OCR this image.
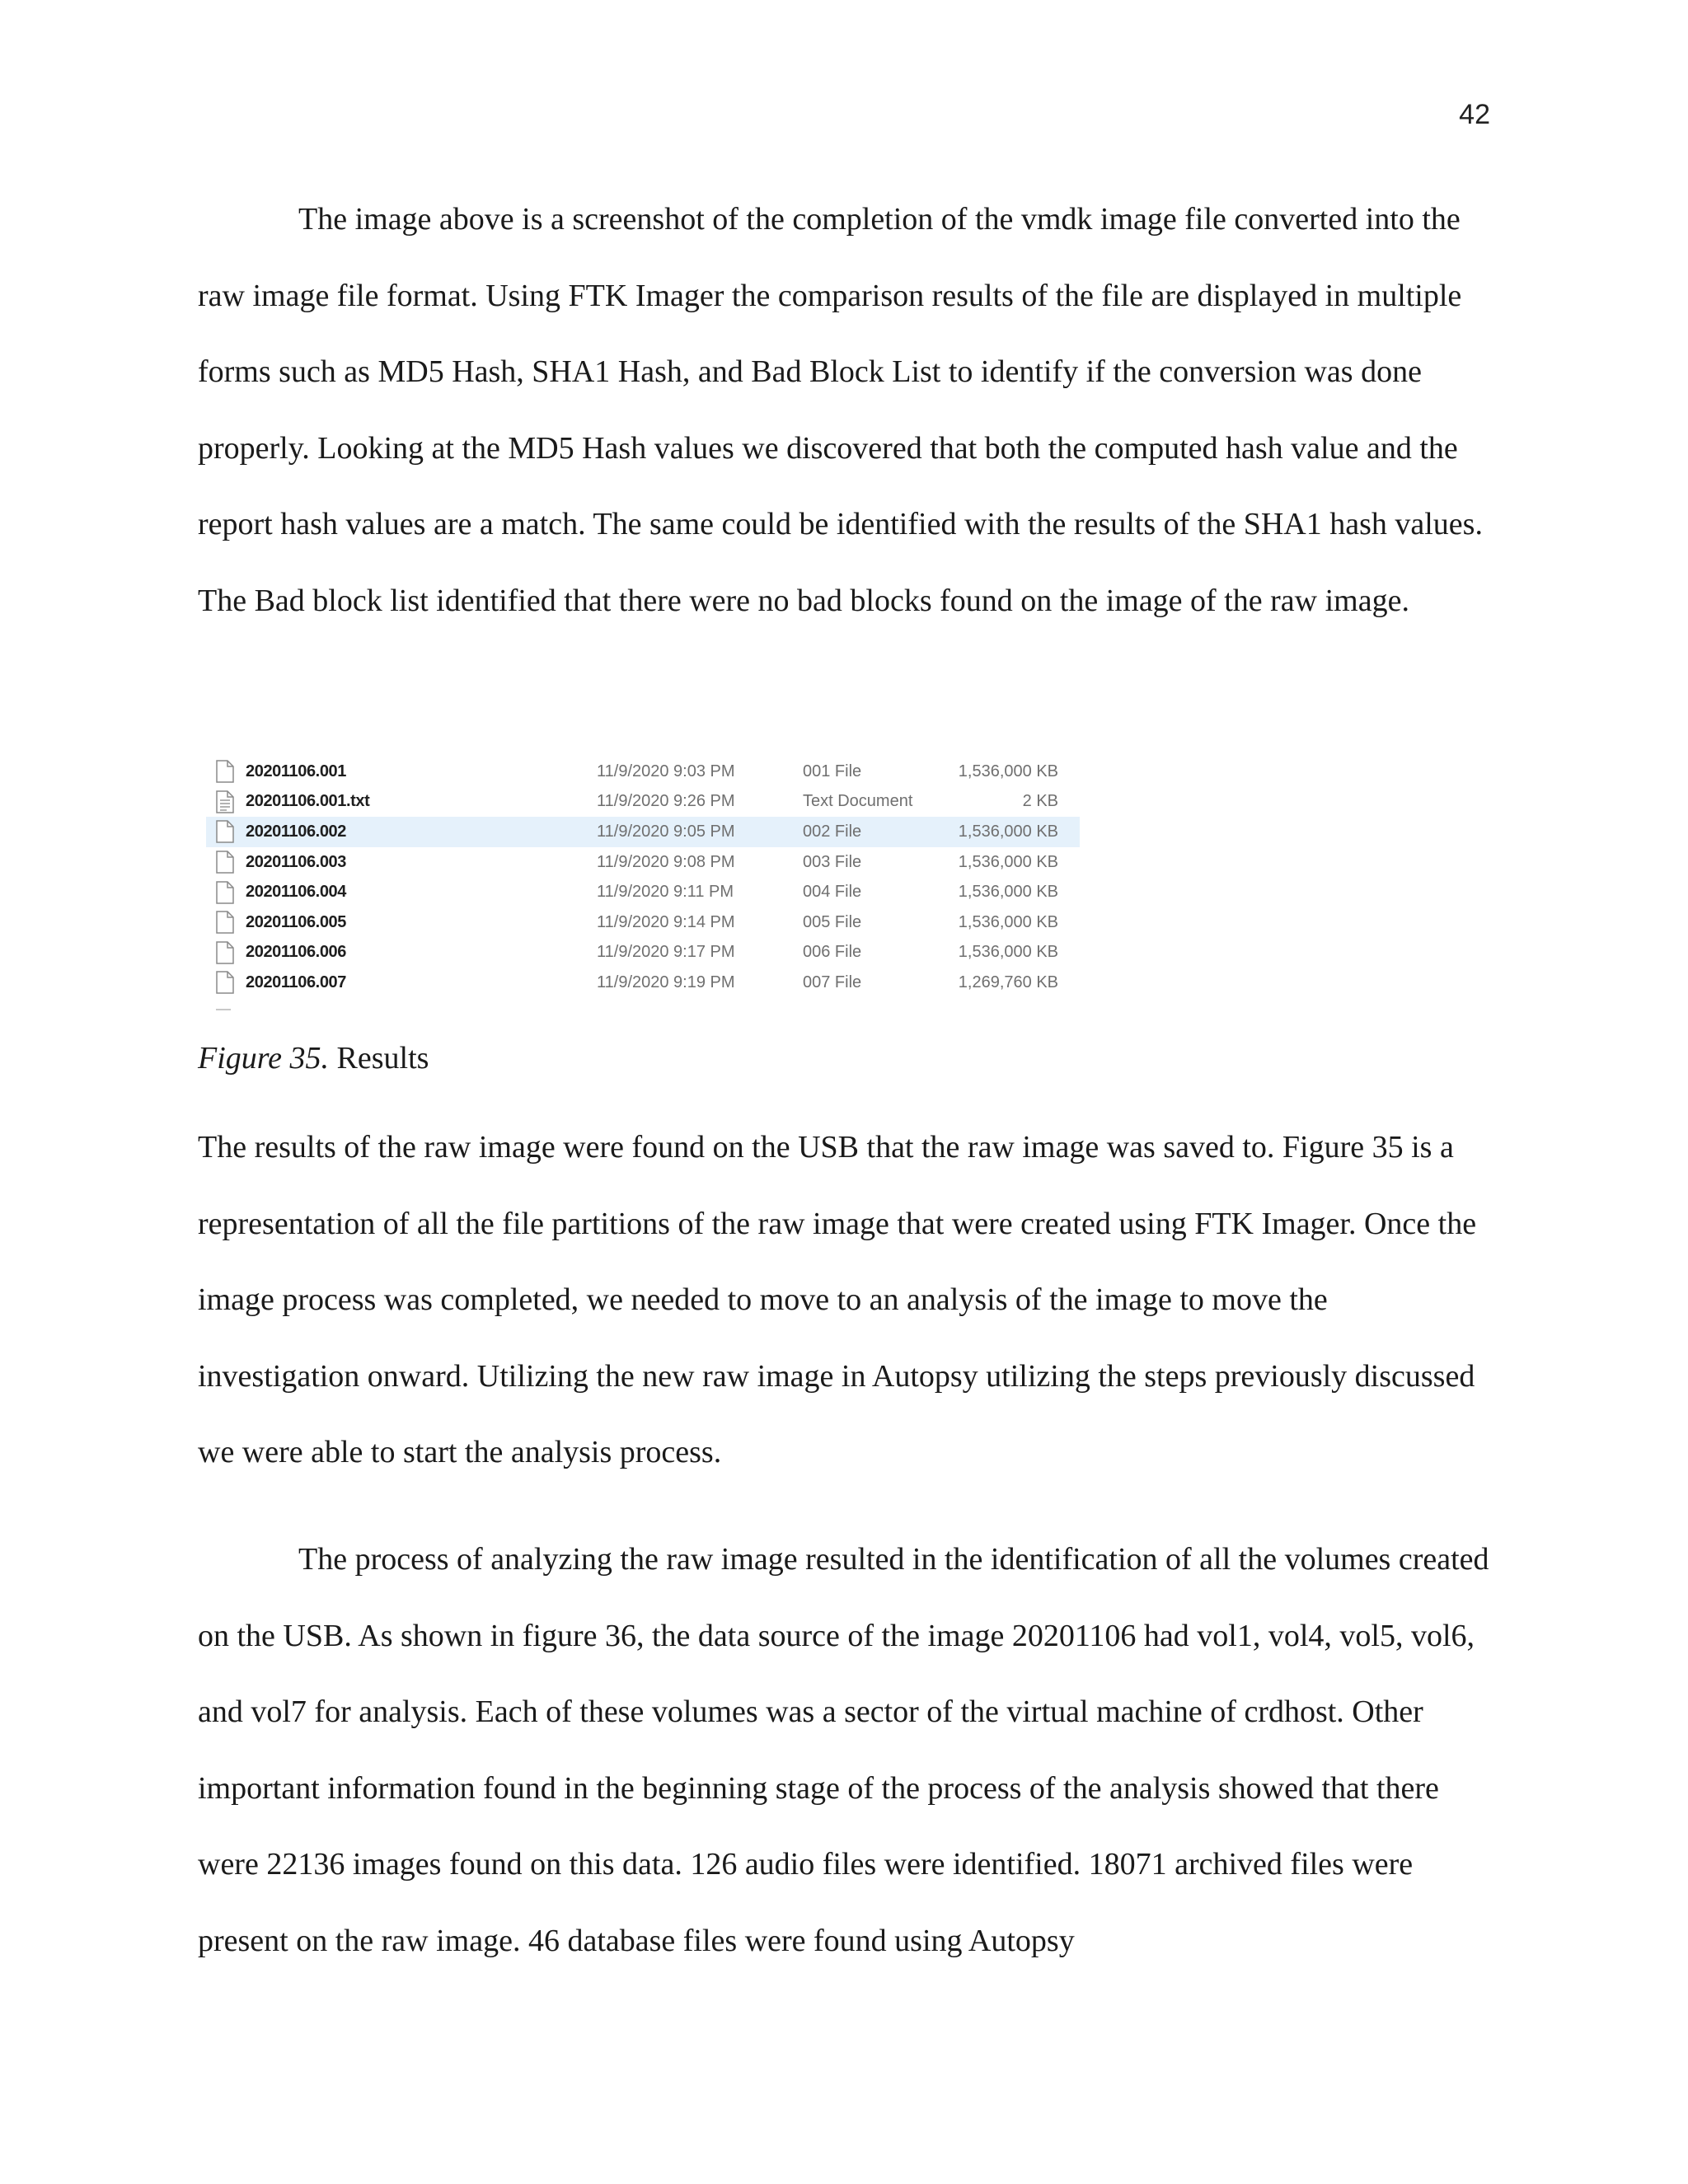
42

The image above is a screenshot of the completion of the vmdk image file converted into the raw image file format. Using FTK Imager the comparison results of the file are displayed in multiple forms such as MD5 Hash, SHA1 Hash, and Bad Block List to identify if the conversion was done properly. Looking at the MD5 Hash values we discovered that both the computed hash value and the report hash values are a match. The same could be identified with the results of the SHA1 hash values. The Bad block list identified that there were no bad blocks found on the image of the raw image.

20201106.001	11/9/2020 9:03 PM	001 File	1,536,000 KB
20201106.001.txt	11/9/2020 9:26 PM	Text Document	2 KB
20201106.002	11/9/2020 9:05 PM	002 File	1,536,000 KB
20201106.003	11/9/2020 9:08 PM	003 File	1,536,000 KB
20201106.004	11/9/2020 9:11 PM	004 File	1,536,000 KB
20201106.005	11/9/2020 9:14 PM	005 File	1,536,000 KB
20201106.006	11/9/2020 9:17 PM	006 File	1,536,000 KB
20201106.007	11/9/2020 9:19 PM	007 File	1,269,760 KB

Figure 35. Results

The results of the raw image were found on the USB that the raw image was saved to. Figure 35 is a representation of all the file partitions of the raw image that were created using FTK Imager. Once the image process was completed, we needed to move to an analysis of the image to move the investigation onward. Utilizing the new raw image in Autopsy utilizing the steps previously discussed we were able to start the analysis process.

The process of analyzing the raw image resulted in the identification of all the volumes created on the USB. As shown in figure 36, the data source of the image 20201106 had vol1, vol4, vol5, vol6, and vol7 for analysis. Each of these volumes was a sector of the virtual machine of crdhost. Other important information found in the beginning stage of the process of the analysis showed that there were 22136 images found on this data. 126 audio files were identified. 18071 archived files were present on the raw image. 46 database files were found using Autopsy
